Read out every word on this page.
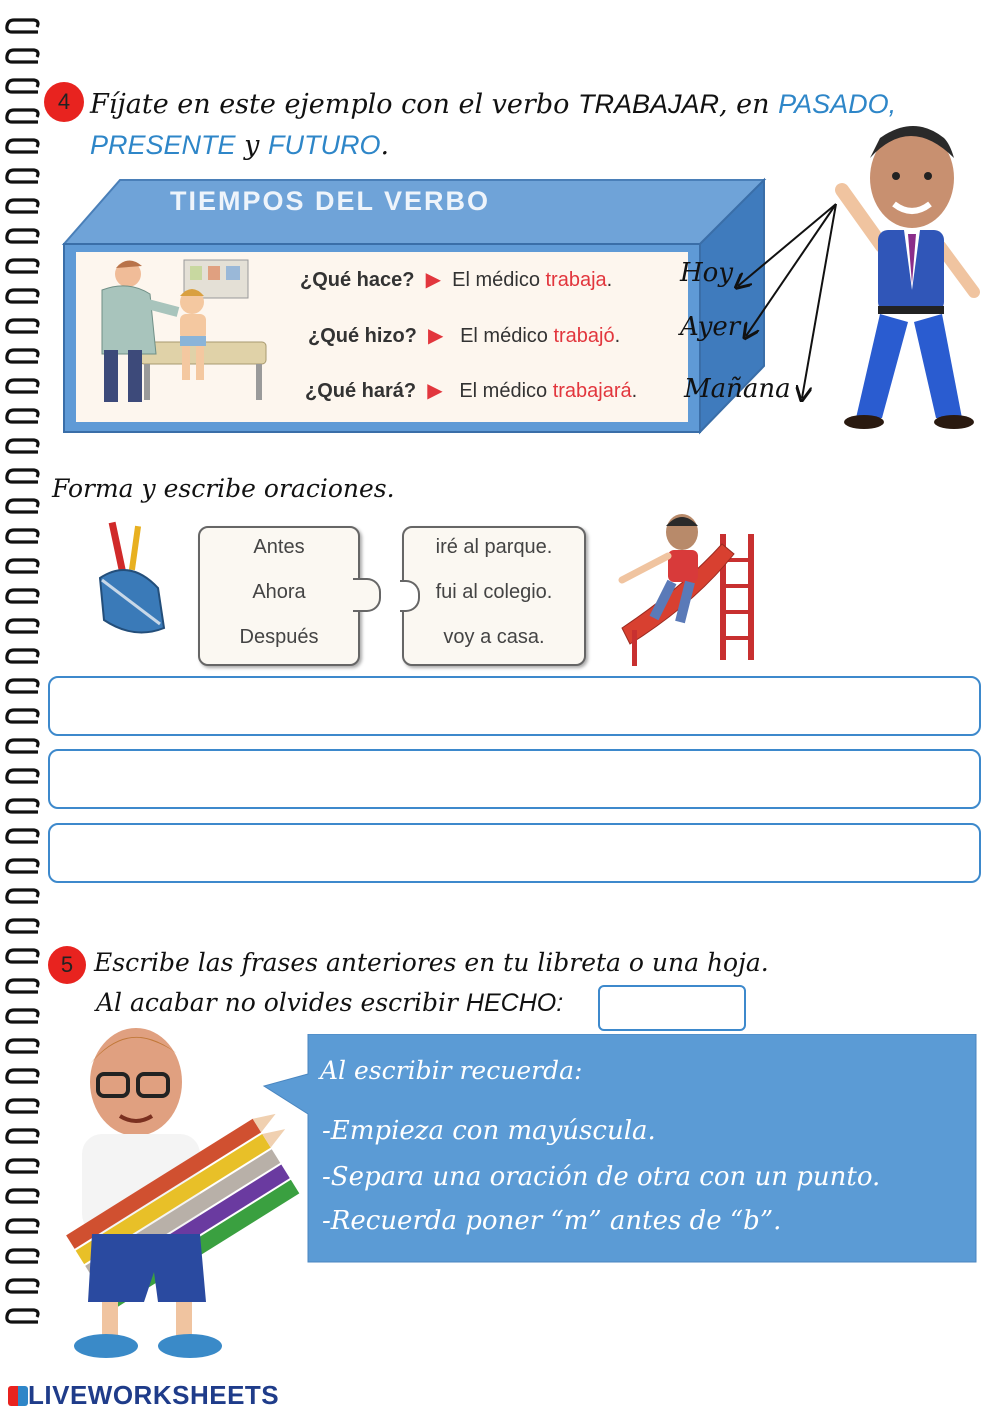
4 Fíjate en este ejemplo con el verbo TRABAJAR, en PASADO,
PRESENTE y FUTURO.
TIEMPOS DEL VERBO
¿Qué hace? ▶ El médico trabaja.
¿Qué hizo? ▶ El médico trabajó.
¿Qué hará? ▶ El médico trabajará.
Hoy
Ayer
Mañana
Forma y escribe oraciones.
Antes
Ahora
Después
iré al parque.
fui al colegio.
voy a casa.
5 Escribe las frases anteriores en tu libreta o una hoja.
Al acabar no olvides escribir HECHO:
Al escribir recuerda:
-Empieza con mayúscula.
-Separa una oración de otra con un punto.
-Recuerda poner “m” antes de “b”.
LIVEWORKSHEETS
